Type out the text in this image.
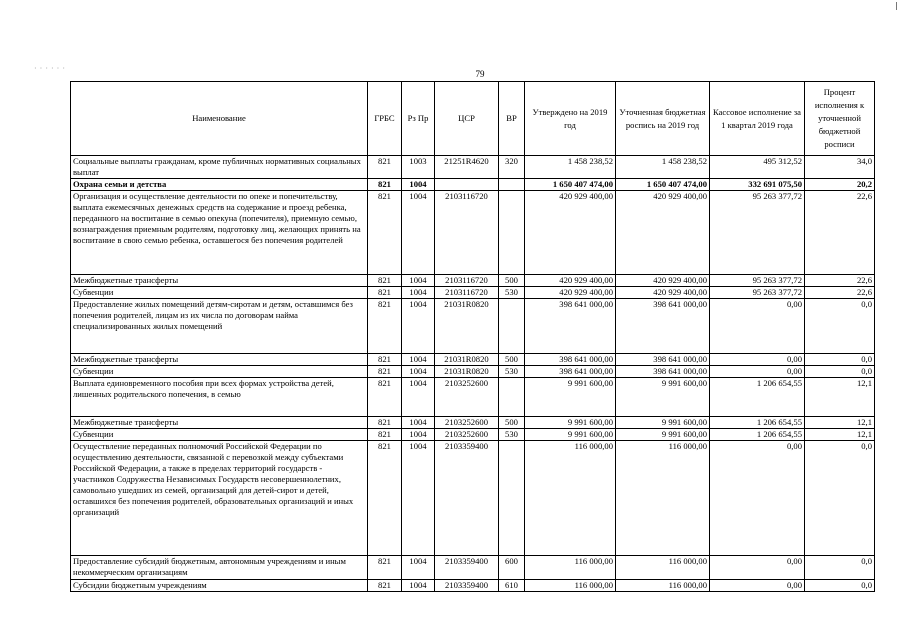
······
79
Наименование	ГРБС	Рз Пр	ЦСР	ВР	Утверждено на 2019 год	Уточненная бюджетная роспись на 2019 год	Кассовое исполнение за 1 квартал 2019 года	Процент исполнения к уточненной бюджетной росписи
Социальные выплаты гражданам, кроме публичных нормативных социальных выплат	821	1003	21251R4620	320	1 458 238,52	1 458 238,52	495 312,52	34,0
Охрана семьи и детства	821	1004			1 650 407 474,00	1 650 407 474,00	332 691 075,50	20,2
Организация и осуществление деятельности по опеке и попечительству, выплата ежемесячных денежных средств на содержание и проезд ребенка, переданного на воспитание в семью опекуна (попечителя), приемную семью, вознаграждения приемным родителям, подготовку лиц, желающих принять на воспитание в свою семью ребенка, оставшегося без попечения родителей	821	1004	2103116720		420 929 400,00	420 929 400,00	95 263 377,72	22,6
Межбюджетные трансферты	821	1004	2103116720	500	420 929 400,00	420 929 400,00	95 263 377,72	22,6
Субвенции	821	1004	2103116720	530	420 929 400,00	420 929 400,00	95 263 377,72	22,6
Предоставление жилых помещений детям-сиротам и детям, оставшимся без попечения родителей, лицам из их числа по договорам найма специализированных жилых помещений	821	1004	21031R0820		398 641 000,00	398 641 000,00	0,00	0,0
Межбюджетные трансферты	821	1004	21031R0820	500	398 641 000,00	398 641 000,00	0,00	0,0
Субвенции	821	1004	21031R0820	530	398 641 000,00	398 641 000,00	0,00	0,0
Выплата единовременного пособия при всех формах устройства детей, лишенных родительского попечения, в семью	821	1004	2103252600		9 991 600,00	9 991 600,00	1 206 654,55	12,1
Межбюджетные трансферты	821	1004	2103252600	500	9 991 600,00	9 991 600,00	1 206 654,55	12,1
Субвенции	821	1004	2103252600	530	9 991 600,00	9 991 600,00	1 206 654,55	12,1
Осуществление переданных полномочий Российской Федерации по осуществлению деятельности, связанной с перевозкой между субъектами Российской Федерации, а также в пределах территорий государств - участников Содружества Независимых Государств несовершеннолетних, самовольно ушедших из семей, организаций для детей-сирот и детей, оставшихся без попечения родителей, образовательных организаций и иных организаций	821	1004	2103359400		116 000,00	116 000,00	0,00	0,0
Предоставление субсидий бюджетным, автономным учреждениям и иным некоммерческим организациям	821	1004	2103359400	600	116 000,00	116 000,00	0,00	0,0
Субсидии бюджетным учреждениям	821	1004	2103359400	610	116 000,00	116 000,00	0,00	0,0
